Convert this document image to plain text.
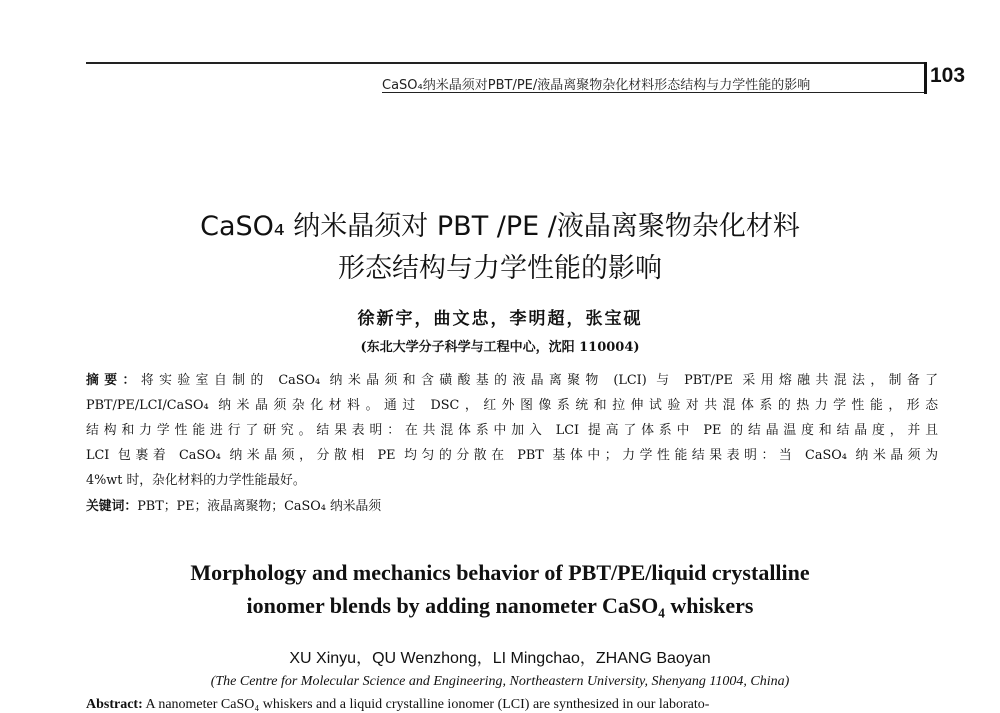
CaSO₄纳米晶须对PBT/PE/液晶离聚物杂化材料形态结构与力学性能的影响	103
CaSO₄ 纳米晶须对 PBT /PE /液晶离聚物杂化材料
形态结构与力学性能的影响
徐新宇，曲文忠，李明超，张宝砚
(东北大学分子科学与工程中心，沈阳 110004)
摘要：将实验室自制的 CaSO₄ 纳米晶须和含磺酸基的液晶离聚物 (LCI) 与 PBT/PE 采用熔融共混法，制备了
PBT/PE/LCI/CaSO₄ 纳米晶须杂化材料。通过 DSC，红外图像系统和拉伸试验对共混体系的热力学性能，形态
结构和力学性能进行了研究。结果表明：在共混体系中加入 LCI 提高了体系中 PE 的结晶温度和结晶度，并且
LCI 包裹着 CaSO₄ 纳米晶须，分散相 PE 均匀的分散在 PBT 基体中；力学性能结果表明：当 CaSO₄ 纳米晶须为
4%wt 时，杂化材料的力学性能最好。
关键词：PBT；PE；液晶离聚物；CaSO₄ 纳米晶须
Morphology and mechanics behavior of PBT/PE/liquid crystalline
ionomer blends by adding nanometer CaSO₄ whiskers
XU Xinyu，QU Wenzhong，LI Mingchao，ZHANG Baoyan
(The Centre for Molecular Science and Engineering, Northeastern University, Shenyang 11004, China)
Abstract: A nanometer CaSO₄ whiskers and a liquid crystalline ionomer (LCI) are synthesized in our laborato-
